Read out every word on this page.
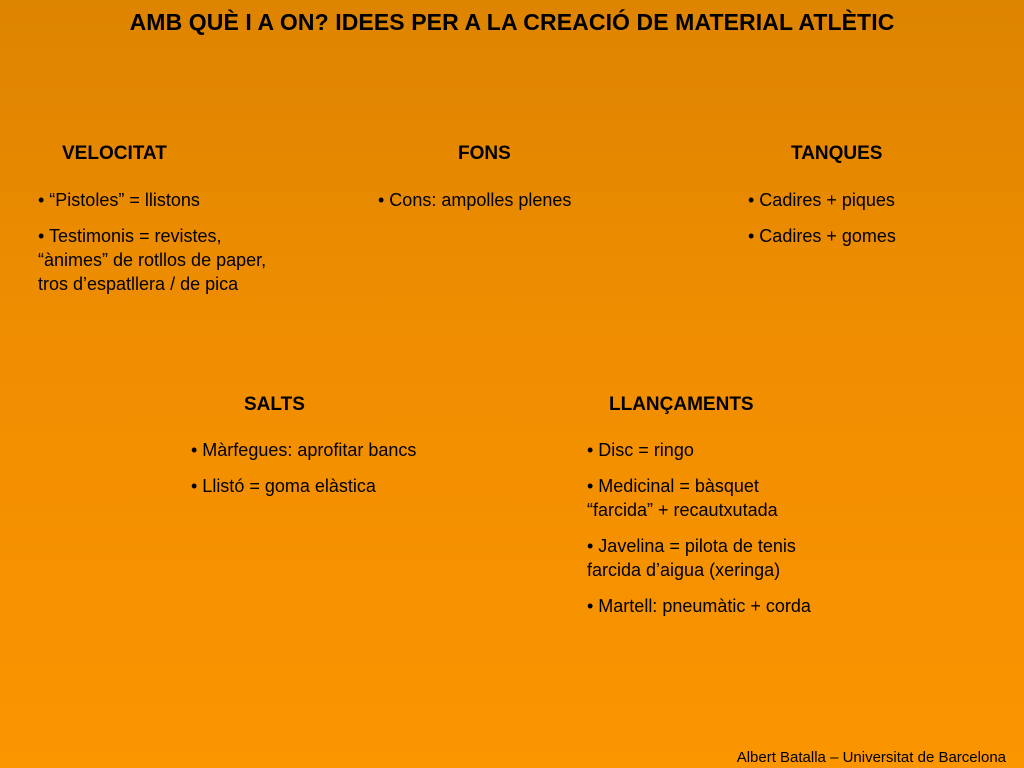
AMB QUÈ I A ON? IDEES PER A LA CREACIÓ DE MATERIAL ATLÈTIC
VELOCITAT
• “Pistoles” = llistons
• Testimonis = revistes,
“ànimes” de rotllos de paper,
tros d’espatllera / de pica
FONS
• Cons: ampolles plenes
TANQUES
• Cadires + piques
• Cadires + gomes
SALTS
• Màrfegues: aprofitar bancs
• Llistó = goma elàstica
LLANÇAMENTS
• Disc = ringo
• Medicinal = bàsquet
“farcida” + recautxutada
• Javelina = pilota de tenis
farcida d’aigua (xeringa)
• Martell: pneumàtic + corda
Albert Batalla – Universitat de Barcelona
